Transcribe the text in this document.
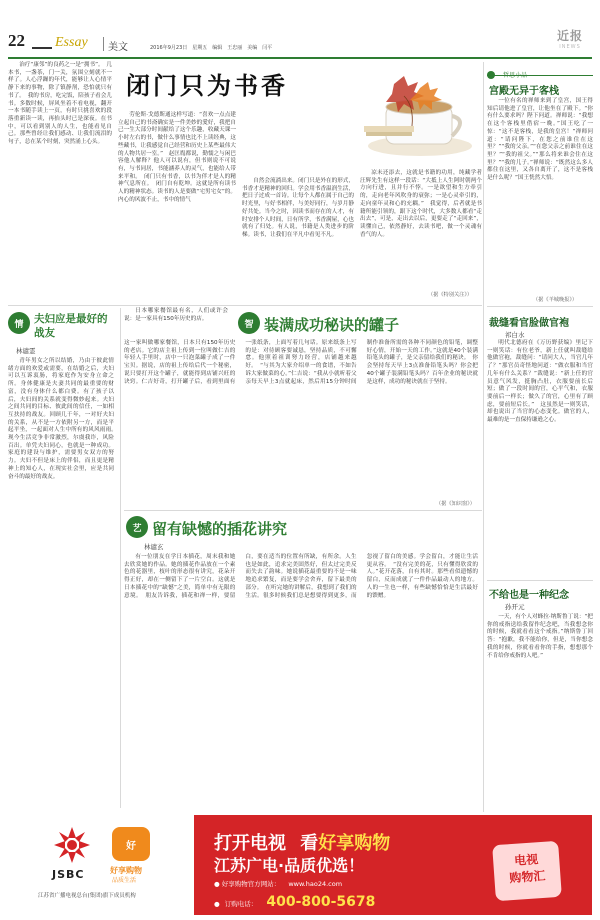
22 Essay 美文	2016年9月23日　星期五　编辑　王忠丽　美编　闫平
近报
INEWS
治疗“康邻”的良药之一是“拥书”。　几本书，一盏茶，门一关，氛围立刻就不一样了。人心浮躁的年代，能够让人心情平静下来的事物，除了镇静剂，恐怕就只有书了。　我的书房，吃完饭，陪孩子看会儿书。多数时候，屏风坐着不看电视，翻开一本书随手读上一页，有时只挑喜欢的段落重新读一读，再抬头时已是深夜。在书中，可以看到别人的人生，也能看见自己。那些曾经让我们感动、让我们流泪的句子，总在某个时刻，突然涌上心头。
闭门只为书香
劳伦斯·戈德斯通这样写道：“喜欢一点点建立起自己的书斋确实是一件美妙的愛好，我把自己一生大部分时间献给了这个乐趣，收藏天课一小时左右的书，做什么事情也比不上读经典，这些藏书，让我感觉自己经营和历史上某些最伟大的人物共居一室。”　赵匡胤都说，勤懦之与闲巴容他人解释？他人可以说有，但书则说不可说有，与书同居，书能涵养人的灵气，也能给人带来平和。　闭门只有书香，以书为伴才是人的精神气息所在。　闭门自有乾坤。这就是所有读书人的精神状态。读书的人是要做“宅男宅女”的。内心的风波不止，书中的情气
自然会流淌出来。闭门只是外在的形式，书香才是精神的回归。学会用书香温润生活，把日子过成一首诗。让每个人都在属于自己的时光里，与好书相伴，与美好同行，与岁月静好共处。当今之时，因读书而存在的人才，有时安排个人时间，日有所学，书香满屋，心也就有了归处。有人说，书籍是人类进步的阶梯。读书，让我们在平凡中看见不凡。
凉未还添去，这就是书籍的功用，纯藏学者汪辉先生有这样一段话：“大抵上人生阿时朝两个方向行进，且并行不悖。一是欲望和生方牵引的，走向老年风吹身的衰弥；一是心灵牵引的，走向童年灵和心的充耦。”　我觉得，后者就是书籍所能引领的，跟下这个时代，大多数人都看“走出去”，可是，走出去以后，更要走了“走回来”，读懂自己，依然静好，去读书吧，做一个灵魂有香气的人。
（据《特别关注》）
情	夫妇应是最好的战友
林谴霊
青年男女之所以结婚，乃由于彼此情绪方面的欢爱或需要，在结婚之后，夫妇可以互诉衷肠，将家庭作为安身立命之所。身体健康是夫妻共同的最重要的财富，没有身体什么都白费。有了孩子以后，夫妇间的关系就变得微妙起来。夫妇之间共同的目标、彼此间的信任，一如相互扶持的战友。回顾几千年，一对好夫妇的关系，从不是一方依附另一方，而是平起平坐，一起面对人生中所有的风风雨雨。　现今生活竞争非常激烈，尔虞我诈，风险百出。单凭夫妇同心，也就是一种成功。家庭的建设与维护，需要男女双方的努力。夫妇不但是床上的伴侣，而且更是精神上的知心人，在现实社会里，应是共同奋斗的最好的战友。
日本哪家餐馆最有名，人们或许会说：是一家具有150年历史的店。
智 装满成功秘诀的罐子
这一家叫做哪家餐馆，日本只有150年历史的老店。它的店主祖上传到一位叫做仁吉的年轻人手里时，店中一只泡菜罐子成了一件宝贝。据说，店的祖上传给后代一个秘密，说只要打开这个罐子，就能得到店铺兴旺的诀窍。仁吉好奇，打开罐子后，看到里面有一张纸条，上面写着几句话。原来纸条上写的是：对待顾客要诚恳，坚持品质，不可懈怠。他照着祖训努力经营，店铺越来越好。　“与其为大家介绍单一的食谱，不如告诉大家做菜的心。”仁吉说：“我从小就听着父亲每天早上3点就起床，然后用15分钟时间制作准备所需的各种不同颜色的铅笔，调整好心情，开始一天的工作。”这就是40个装满铅笔头的罐子，是父亲留给我们的秘诀。　你会坚持每天早上3点准备铅笔头吗？你会把40个罐子装满铅笔头吗？百年企业的秘诀就是这样，成功的秘诀就在于坚持。
（据《知识窗》）
艺 留有缺憾的插花讲究
林谴玄
有一位朋友在学日本插花，周末我和她去欣赏她的作品。她的插花作品放在一个素色的花器里，枝叶的形态很有讲究，花朵开得正好，却在一侧留下了一片空白。这就是日本插花中的“缺憾”之美，简单中有无限的意境。　朋友告诉我，插花和禅一样，要留白，要在适当的位置有所缺，有所余。人生也是如此，追求完美固然好，但太过完美反而失去了韵味。她说插花最重要的不是一味地追求繁复，而是要学会舍弃，留下最美的部分。　在听完她的讲解后，我想到了我们的生活。很多时候我们总是想要得到更多，而忽视了留白的美感。学会留白，才能让生活更从容。　“没有完美的花，只有懂得欣赏的人。”花开花落，自有其时。那些看似遗憾的留白，反而成就了一件作品最动人的地方。人的一生也一样，有些缺憾恰恰是生活最好的馈赠。
哲思小品
宫殿无异于客栈
一位有名的禅师来到了皇宫，国王得知后请他进了皇宫，让他坐在了殿下。“你有什么要求吗？陛下问道。禅师说：“我想在这个客栈里借宿一晚。”国王吃了一惊：“这不是客栈，是我的皇宫！”禅师问道：“请问陛下，在您之前谁住在这里？”“我的父亲。”“在您父亲之前谁住在这里？”“我的祖父。”“那么将来谁会住在这里？”“我的儿子。”禅师说：“既然这么多人都住在这里，又各自离开了，这不是客栈是什么呢？”国王恍然大悟。
（据《羊城晚报》）
裁缝看官脸做官袍
祁白水
明代北德府在《万历野获编》里记下一则笑话：有位老爷，新上任就叫裁缝给他做官袍，裁缝问：“请问大人，当官几年了？”那官员奇怪地问道：“做衣服和当官几年有什么关系？”裁缝说：“新上任的官员意气风发，挺胸凸肚，衣服要前长后短；做了一段时间的官，心平气和，衣服要前后一样长；做久了的官，心里有了顾虑，要前短后长。”　这虽然是一则笑话，却也说出了当官的心态变化。做官的人，最难的是一直保持谦逊之心。
不给也是一种纪念
孙开元
一天，有个人对蜂拉·纳斯鲁丁说：“把你的戒指送给我留作纪念吧，当我想念你的时候，我就看看这个戒指。”纳斯鲁丁回答：“抱歉，我不能给你，但是，当你想念我的时候，你就看看你的手指，想想那个不肯给你戒指的人吧。”
JSBC
好
好享购物
品质生活
江苏省广播电视总台(集团)旗下成员机构
打开电视 看好享购物
江苏广电·品质优选！
● 好享购物官方网站： www.hao24.com
● 订购电话： 400-800-5678
电视
购物汇
